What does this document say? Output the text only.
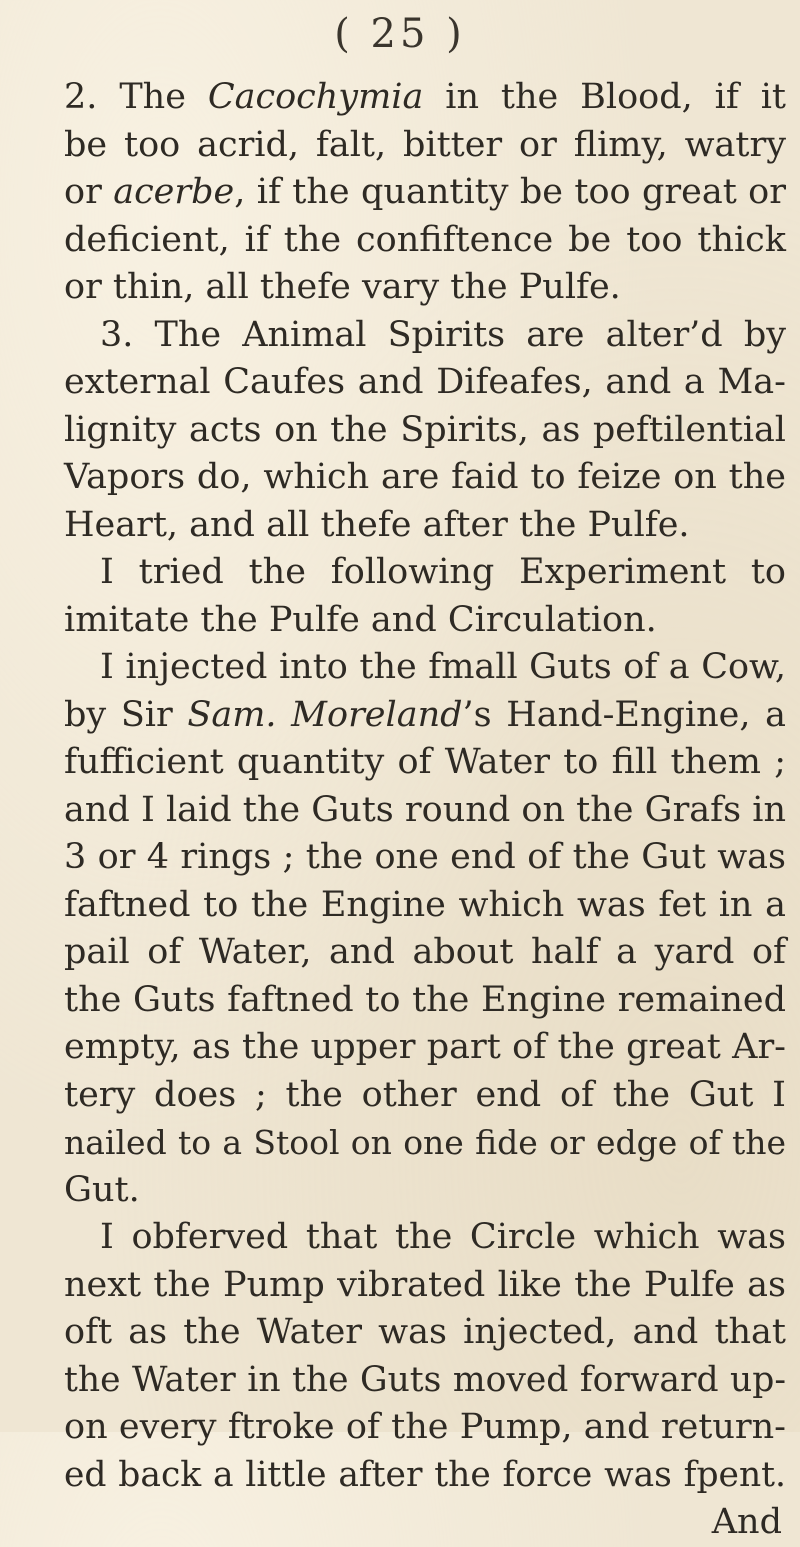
( 25 )
2. The Cacochymia in the Blood, if it
be too acrid, falt, bitter or flimy, watry
or acerbe, if the quantity be too great or
deficient, if the confiftence be too thick
or thin, all thefe vary the Pulfe.
3. The Animal Spirits are alter’d by
external Caufes and Difeafes, and a Ma-
lignity acts on the Spirits, as peftilential
Vapors do, which are faid to feize on the
Heart, and all thefe after the Pulfe.
I tried the following Experiment to
imitate the Pulfe and Circulation.
I injected into the fmall Guts of a Cow,
by Sir Sam. Moreland’s Hand-Engine, a
fufficient quantity of Water to fill them ;
and I laid the Guts round on the Grafs in
3 or 4 rings ; the one end of the Gut was
faftned to the Engine which was fet in a
pail of Water, and about half a yard of
the Guts faftned to the Engine remained
empty, as the upper part of the great Ar-
tery does ; the other end of the Gut I
nailed to a Stool on one fide or edge of the
Gut.
I obferved that the Circle which was
next the Pump vibrated like the Pulfe as
oft as the Water was injected, and that
the Water in the Guts moved forward up-
on every ftroke of the Pump, and return-
ed back a little after the force was fpent.
And
